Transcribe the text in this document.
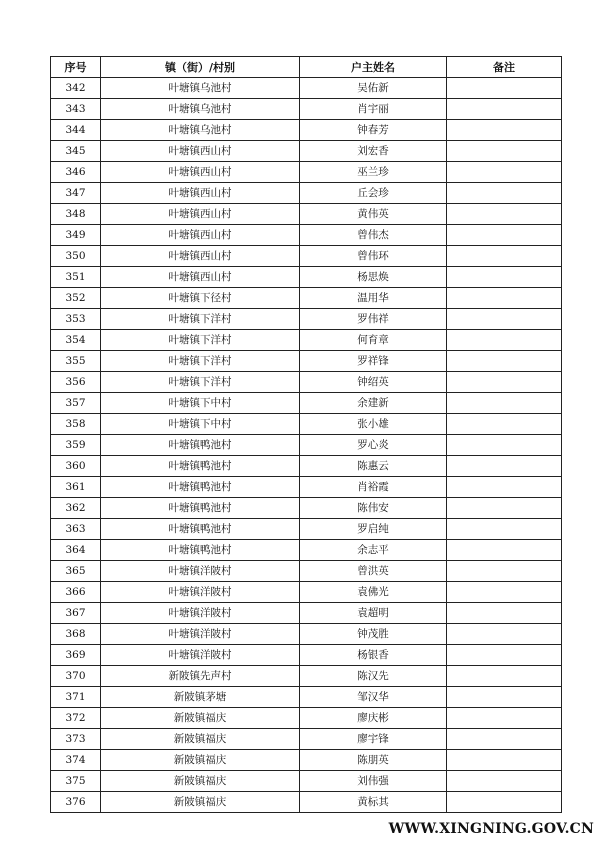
序号	镇（街）/村别	户主姓名	备注
342	叶塘镇乌池村	吴佑新	
343	叶塘镇乌池村	肖宇丽	
344	叶塘镇乌池村	钟春芳	
345	叶塘镇西山村	刘宏香	
346	叶塘镇西山村	巫兰珍	
347	叶塘镇西山村	丘会珍	
348	叶塘镇西山村	黄伟英	
349	叶塘镇西山村	曾伟杰	
350	叶塘镇西山村	曾伟环	
351	叶塘镇西山村	杨思焕	
352	叶塘镇下径村	温用华	
353	叶塘镇下洋村	罗伟祥	
354	叶塘镇下洋村	何育章	
355	叶塘镇下洋村	罗祥锋	
356	叶塘镇下洋村	钟绍英	
357	叶塘镇下中村	余建新	
358	叶塘镇下中村	张小雄	
359	叶塘镇鸭池村	罗心炎	
360	叶塘镇鸭池村	陈惠云	
361	叶塘镇鸭池村	肖裕霞	
362	叶塘镇鸭池村	陈伟安	
363	叶塘镇鸭池村	罗启纯	
364	叶塘镇鸭池村	余志平	
365	叶塘镇洋陂村	曾洪英	
366	叶塘镇洋陂村	袁佛光	
367	叶塘镇洋陂村	袁超明	
368	叶塘镇洋陂村	钟茂胜	
369	叶塘镇洋陂村	杨银香	
370	新陂镇先声村	陈汉先	
371	新陂镇茅塘	邹汉华	
372	新陂镇福庆	廖庆彬	
373	新陂镇福庆	廖宇锋	
374	新陂镇福庆	陈朋英	
375	新陂镇福庆	刘伟强	
376	新陂镇福庆	黄标其	
WWW.XINGNING.GOV.CN
